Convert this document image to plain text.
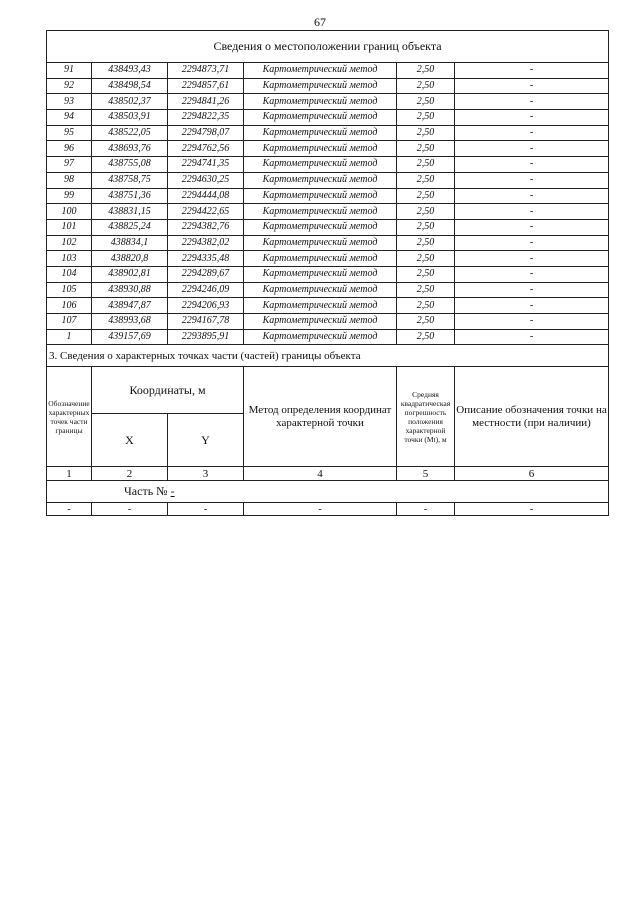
67
Сведения о местоположении границ объекта					
91	438493,43	2294873,71	Картометрический метод	2,50	-
92	438498,54	2294857,61	Картометрический метод	2,50	-
93	438502,37	2294841,26	Картометрический метод	2,50	-
94	438503,91	2294822,35	Картометрический метод	2,50	-
95	438522,05	2294798,07	Картометрический метод	2,50	-
96	438693,76	2294762,56	Картометрический метод	2,50	-
97	438755,08	2294741,35	Картометрический метод	2,50	-
98	438758,75	2294630,25	Картометрический метод	2,50	-
99	438751,36	2294444,08	Картометрический метод	2,50	-
100	438831,15	2294422,65	Картометрический метод	2,50	-
101	438825,24	2294382,76	Картометрический метод	2,50	-
102	438834,1	2294382,02	Картометрический метод	2,50	-
103	438820,8	2294335,48	Картометрический метод	2,50	-
104	438902,81	2294289,67	Картометрический метод	2,50	-
105	438930,88	2294246,09	Картометрический метод	2,50	-
106	438947,87	2294206,93	Картометрический метод	2,50	-
107	438993,68	2294167,78	Картометрический метод	2,50	-
1	439157,69	2293895,91	Картометрический метод	2,50	-
3. Сведения о характерных точках части (частей) границы объекта					
Обозначение характерных точек части границы	Координаты, м		Метод определения координат характерной точки	Средняя квадратическая погрешность положения характерной точки (Mt), м	Описание обозначения точки на местности (при наличии)
	X	Y			
1	2	3	4	5	6
Часть № -					
-	-	-	-	-	-
